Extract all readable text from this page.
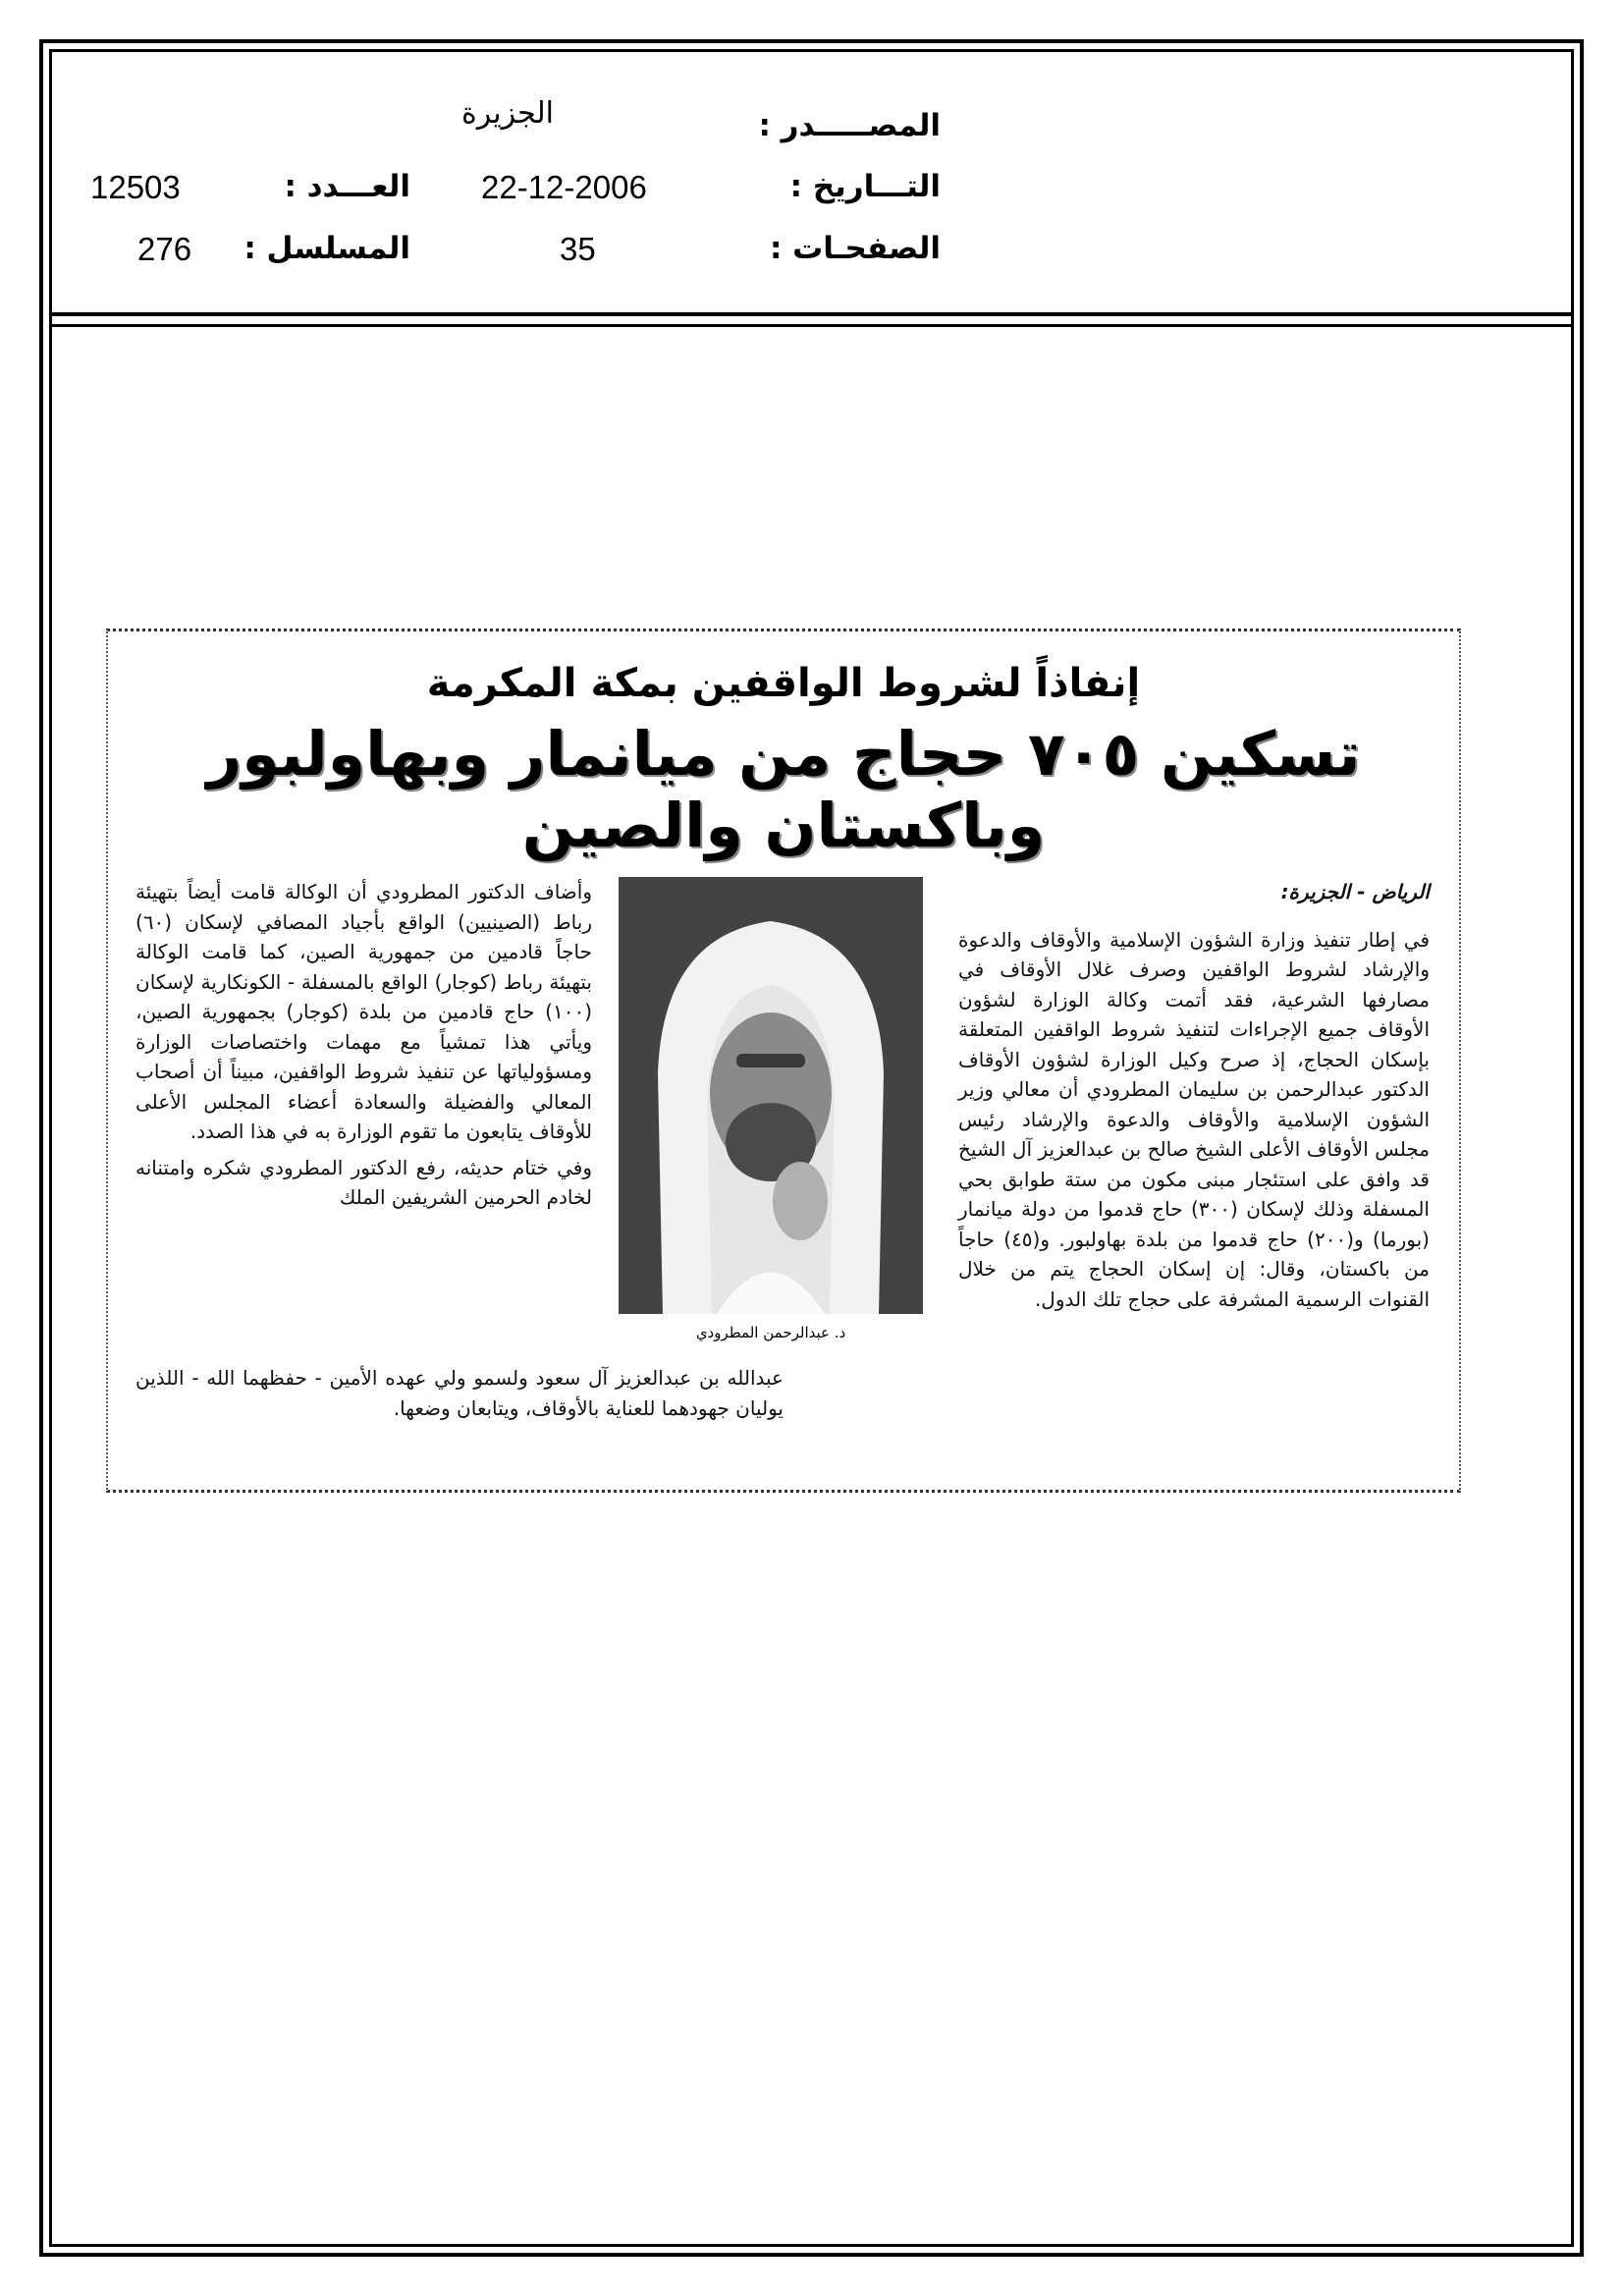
المصـــــدر :
الجزيرة
التـــاريخ :
22-12-2006
العـــدد :
12503
الصفحـات :
35
المسلسل :
276
إنفاذاً لشروط الواقفين بمكة المكرمة
تسكين ٧٠٥ حجاج من ميانمار وبهاولبور وباكستان والصين

الرياض - الجزيرة:

في إطار تنفيذ وزارة الشؤون الإسلامية والأوقاف والدعوة والإرشاد لشروط الواقفين وصرف غلال الأوقاف في مصارفها الشرعية، فقد أتمت وكالة الوزارة لشؤون الأوقاف جميع الإجراءات لتنفيذ شروط الواقفين المتعلقة بإسكان الحجاج، إذ صرح وكيل الوزارة لشؤون الأوقاف الدكتور عبدالرحمن بن سليمان المطرودي أن معالي وزير الشؤون الإسلامية والأوقاف والدعوة والإرشاد رئيس مجلس الأوقاف الأعلى الشيخ صالح بن عبدالعزيز آل الشيخ قد وافق على استئجار مبنى مكون من ستة طوابق بحي المسفلة وذلك لإسكان (٣٠٠) حاج قدموا من دولة ميانمار (بورما) و(٢٠٠) حاج قدموا من بلدة بهاولبور. و(٤٥) حاجاً من باكستان، وقال: إن إسكان الحجاج يتم من خلال القنوات الرسمية المشرفة على حجاج تلك الدول.

د. عبدالرحمن المطرودي

وأضاف الدكتور المطرودي أن الوكالة قامت أيضاً بتهيئة رباط (الصينيين) الواقع بأجياد المصافي لإسكان (٦٠) حاجاً قادمين من جمهورية الصين، كما قامت الوكالة بتهيئة رباط (كوجار) الواقع بالمسفلة - الكونكارية لإسكان (١٠٠) حاج قادمين من بلدة (كوجار) بجمهورية الصين، ويأتي هذا تمشياً مع مهمات واختصاصات الوزارة ومسؤولياتها عن تنفيذ شروط الواقفين، مبيناً أن أصحاب المعالي والفضيلة والسعادة أعضاء المجلس الأعلى للأوقاف يتابعون ما تقوم الوزارة به في هذا الصدد.

وفي ختام حديثه، رفع الدكتور المطرودي شكره وامتنانه لخادم الحرمين الشريفين الملك

عبدالله بن عبدالعزيز آل سعود ولسمو ولي عهده الأمين - حفظهما الله - اللذين يوليان جهودهما للعناية بالأوقاف، ويتابعان وضعها.
